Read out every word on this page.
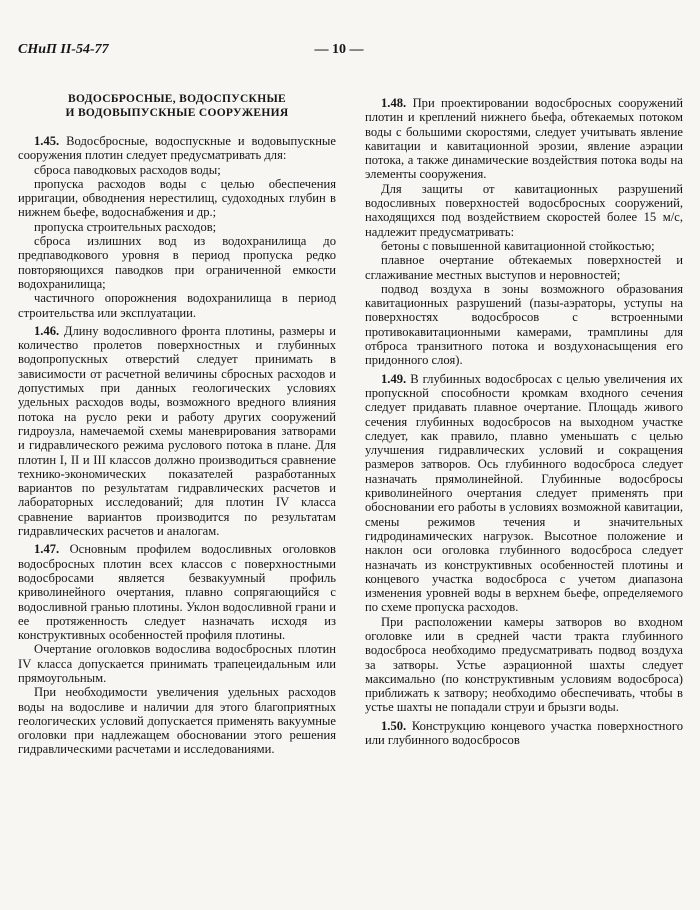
СНиП II-54-77	— 10 —
ВОДОСБРОСНЫЕ, ВОДОСПУСКНЫЕ
И ВОДОВЫПУСКНЫЕ СООРУЖЕНИЯ

1.45. Водосбросные, водоспускные и водовыпускные сооружения плотин следует предусматривать для:

сброса паводковых расходов воды;

пропуска расходов воды с целью обеспечения ирригации, обводнения нерестилищ, судоходных глубин в нижнем бьефе, водоснабжения и др.;

пропуска строительных расходов;

сброса излишних вод из водохранилища до предпаводкового уровня в период пропуска редко повторяющихся паводков при ограниченной емкости водохранилища;

частичного опорожнения водохранилища в период строительства или эксплуатации.

1.46. Длину водосливного фронта плотины, размеры и количество пролетов поверхностных и глубинных водопропускных отверстий следует принимать в зависимости от расчетной величины сбросных расходов и допустимых при данных геологических условиях удельных расходов воды, возможного вредного влияния потока на русло реки и работу других сооружений гидроузла, намечаемой схемы маневрирования затворами и гидравлического режима руслового потока в плане. Для плотин I, II и III классов должно производиться сравнение технико-экономических показателей разработанных вариантов по результатам гидравлических расчетов и лабораторных исследований; для плотин IV класса сравнение вариантов производится по результатам гидравлических расчетов и аналогам.

1.47. Основным профилем водосливных оголовков водосбросных плотин всех классов с поверхностными водосбросами является безвакуумный профиль криволинейного очертания, плавно сопрягающийся с водосливной гранью плотины. Уклон водосливной грани и ее протяженность следует назначать исходя из конструктивных особенностей профиля плотины.

Очертание оголовков водослива водосбросных плотин IV класса допускается принимать трапецеидальным или прямоугольным.

При необходимости увеличения удельных расходов воды на водосливе и наличии для этого благоприятных геологических условий допускается применять вакуумные оголовки при надлежащем обосновании этого решения гидравлическими расчетами и исследованиями.

1.48. При проектировании водосбросных сооружений плотин и креплений нижнего бьефа, обтекаемых потоком воды с большими скоростями, следует учитывать явление кавитации и кавитационной эрозии, явление аэрации потока, а также динамические воздействия потока воды на элементы сооружения.

Для защиты от кавитационных разрушений водосливных поверхностей водосбросных сооружений, находящихся под воздействием скоростей более 15 м/с, надлежит предусматривать:

бетоны с повышенной кавитационной стойкостью;

плавное очертание обтекаемых поверхностей и сглаживание местных выступов и неровностей;

подвод воздуха в зоны возможного образования кавитационных разрушений (пазы-аэраторы, уступы на поверхностях водосбросов с встроенными противокавитационными камерами, трамплины для отброса транзитного потока и воздухонасыщения его придонного слоя).

1.49. В глубинных водосбросах с целью увеличения их пропускной способности кромкам входного сечения следует придавать плавное очертание. Площадь живого сечения глубинных водосбросов на выходном участке следует, как правило, плавно уменьшать с целью улучшения гидравлических условий и сокращения размеров затворов. Ось глубинного водосброса следует назначать прямолинейной. Глубинные водосбросы криволинейного очертания следует применять при обосновании его работы в условиях возможной кавитации, смены режимов течения и значительных гидродинамических нагрузок. Высотное положение и наклон оси оголовка глубинного водосброса следует назначать из конструктивных особенностей плотины и концевого участка водосброса с учетом диапазона изменения уровней воды в верхнем бьефе, определяемого по схеме пропуска расходов.

При расположении камеры затворов во входном оголовке или в средней части тракта глубинного водосброса необходимо предусматривать подвод воздуха за затворы. Устье аэрационной шахты следует максимально (по конструктивным условиям водосброса) приближать к затвору; необходимо обеспечивать, чтобы в устье шахты не попадали струи и брызги воды.

1.50. Конструкцию концевого участка поверхностного или глубинного водосбросов
